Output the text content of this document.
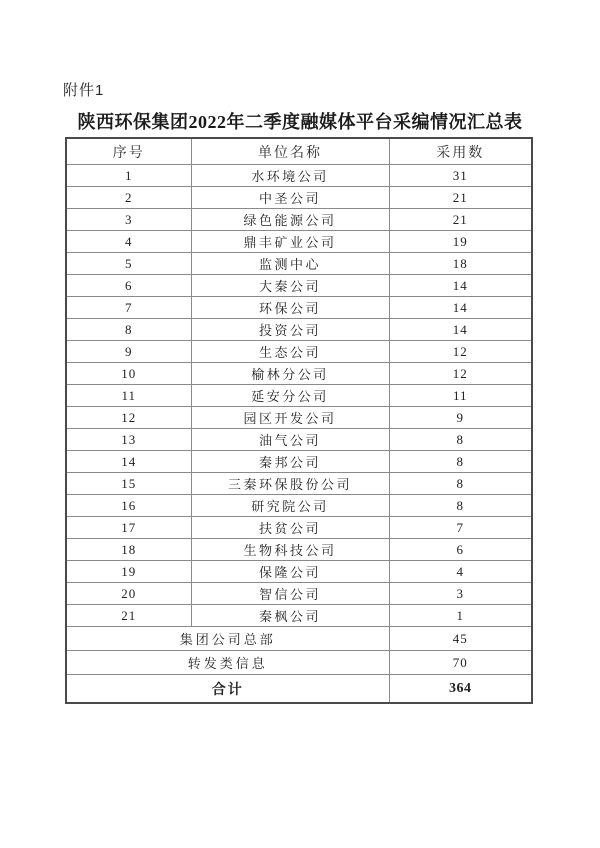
附件1
陕西环保集团2022年二季度融媒体平台采编情况汇总表
序号	单位名称	采用数
1	水环境公司	31
2	中圣公司	21
3	绿色能源公司	21
4	鼎丰矿业公司	19
5	监测中心	18
6	大秦公司	14
7	环保公司	14
8	投资公司	14
9	生态公司	12
10	榆林分公司	12
11	延安分公司	11
12	园区开发公司	9
13	油气公司	8
14	秦邦公司	8
15	三秦环保股份公司	8
16	研究院公司	8
17	扶贫公司	7
18	生物科技公司	6
19	保隆公司	4
20	智信公司	3
21	秦枫公司	1
集团公司总部		45
转发类信息		70
合计		364
